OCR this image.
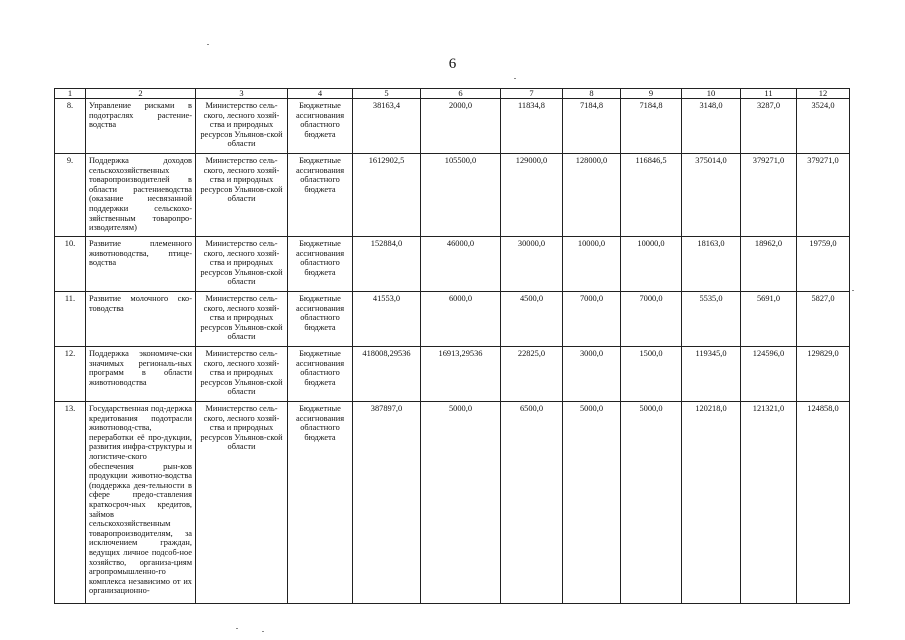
6
1	2	3	4	5	6	7	8	9	10	11	12
8.	Управление рисками в подотраслях растение-водства	Министерство сель-ского, лесного хозяй-ства и природных ресурсов Ульянов-ской области	Бюджетные ассигнования областного бюджета	38163,4	2000,0	11834,8	7184,8	7184,8	3148,0	3287,0	3524,0
9.	Поддержка доходов сельскохозяйственных товаропроизводителей в области растениеводства (оказание несвязанной поддержки сельскохо-зяйственным товаропро-изводителям)	Министерство сель-ского, лесного хозяй-ства и природных ресурсов Ульянов-ской области	Бюджетные ассигнования областного бюджета	1612902,5	105500,0	129000,0	128000,0	116846,5	375014,0	379271,0	379271,0
10.	Развитие племенного животноводства, птице-водства	Министерство сель-ского, лесного хозяй-ства и природных ресурсов Ульянов-ской области	Бюджетные ассигнования областного бюджета	152884,0	46000,0	30000,0	10000,0	10000,0	18163,0	18962,0	19759,0
11.	Развитие молочного ско-товодства	Министерство сель-ского, лесного хозяй-ства и природных ресурсов Ульянов-ской области	Бюджетные ассигнования областного бюджета	41553,0	6000,0	4500,0	7000,0	7000,0	5535,0	5691,0	5827,0
12.	Поддержка экономиче-ски значимых региональ-ных программ в области животноводства	Министерство сель-ского, лесного хозяй-ства и природных ресурсов Ульянов-ской области	Бюджетные ассигнования областного бюджета	418008,29536	16913,29536	22825,0	3000,0	1500,0	119345,0	124596,0	129829,0
13.	Государственная под-держка кредитования подотрасли животновод-ства, переработки её про-дукции, развития инфра-структуры и логистиче-ского обеспечения рын-ков продукции животно-водства (поддержка дея-тельности в сфере предо-ставления краткосроч-ных кредитов, займов сельскохозяйственным товаропроизводителям, за исключением граждан, ведущих личное подсоб-ное хозяйство, организа-циям агропромышленно-го комплекса независимо от их организационно-	Министерство сель-ского, лесного хозяй-ства и природных ресурсов Ульянов-ской области	Бюджетные ассигнования областного бюджета	387897,0	5000,0	6500,0	5000,0	5000,0	120218,0	121321,0	124858,0
